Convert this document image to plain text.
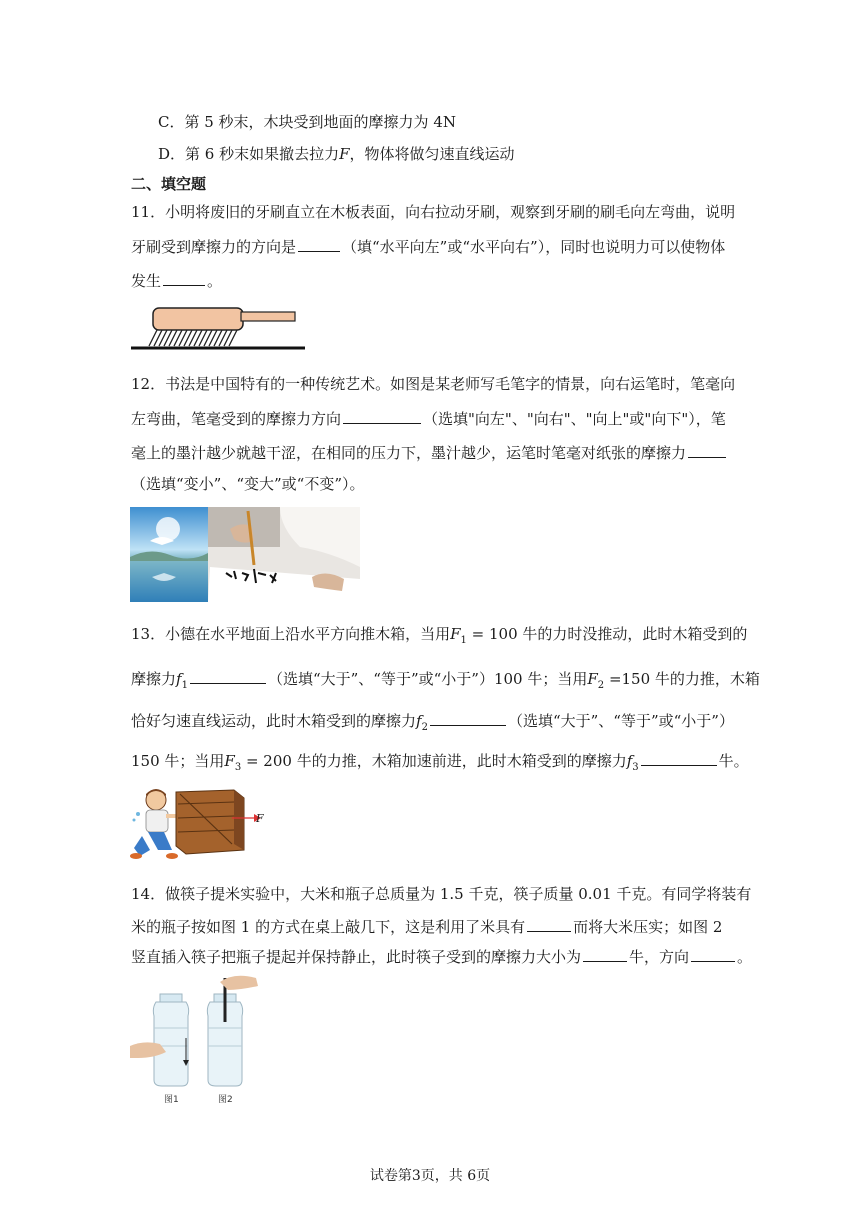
C．第 5 秒末，木块受到地面的摩擦力为 4N
D．第 6 秒末如果撤去拉力F，物体将做匀速直线运动
二、填空题
11．小明将废旧的牙刷直立在木板表面，向右拉动牙刷，观察到牙刷的刷毛向左弯曲，说明
牙刷受到摩擦力的方向是	（填“水平向左”或“水平向右”），同时也说明力可以使物体
发生	。
12．书法是中国特有的一种传统艺术。如图是某老师写毛笔字的情景，向右运笔时，笔毫向
左弯曲，笔毫受到的摩擦力方向	（选填"向左"、"向右"、"向上"或"向下"），笔
毫上的墨汁越少就越干涩，在相同的压力下，墨汁越少，运笔时笔毫对纸张的摩擦力
（选填“变小”、“变大”或“不变”）。
13．小德在水平地面上沿水平方向推木箱，当用$F_1 = 100$ 牛的力时没推动，此时木箱受到的
摩擦力$f_1$	（选填“大于”、“等于”或“小于”）100 牛；当用$F_2 =150$ 牛的力推，木箱
恰好匀速直线运动，此时木箱受到的摩擦力$f_2$	（选填“大于”、“等于”或“小于”）
150 牛；当用$F_3 = 200$ 牛的力推，木箱加速前进，此时木箱受到的摩擦力$f_3$	牛。
F
14．做筷子提米实验中，大米和瓶子总质量为 1.5 千克，筷子质量 0.01 千克。有同学将装有
米的瓶子按如图 1 的方式在桌上敲几下，这是利用了米具有	而将大米压实；如图 2
竖直插入筷子把瓶子提起并保持静止，此时筷子受到的摩擦力大小为	牛，方向	。
图1	图2
试卷第3页，共 6页
